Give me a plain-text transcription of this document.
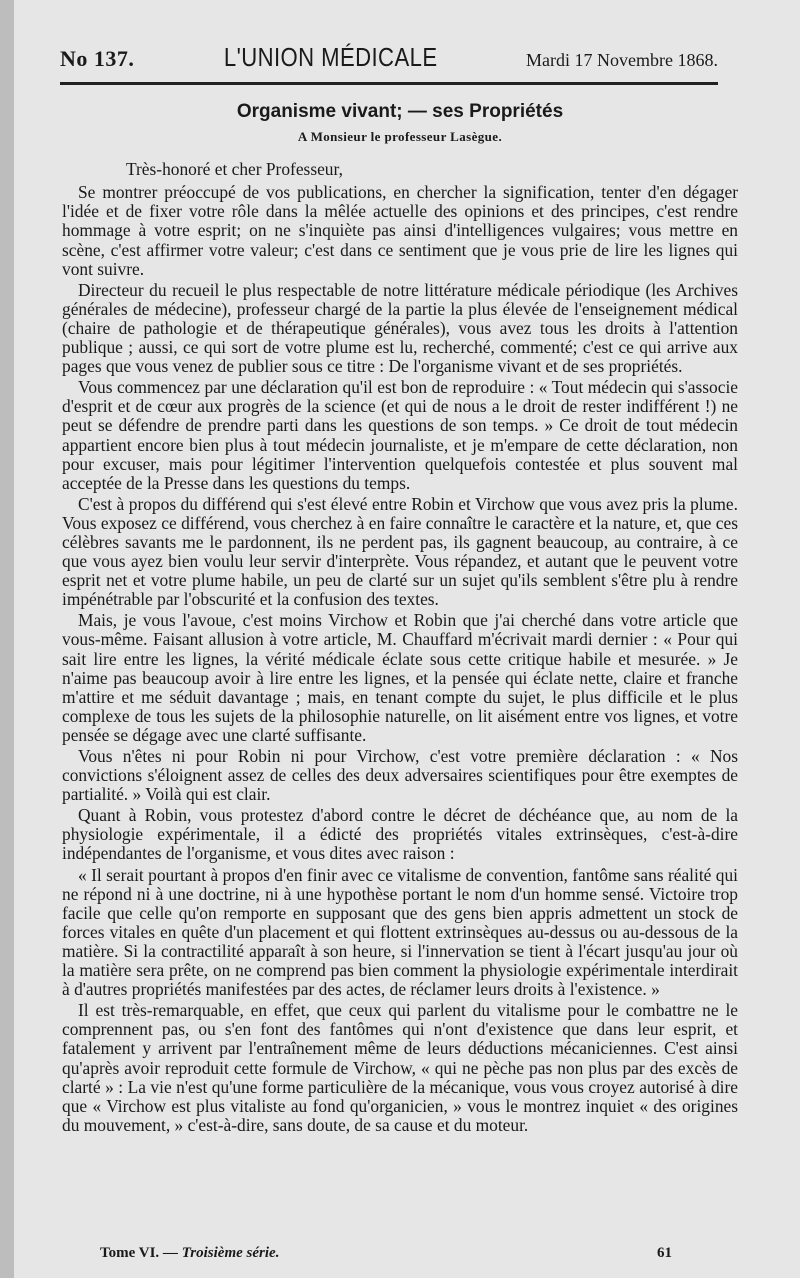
No 137.	L'UNION MÉDICALE	Mardi 17 Novembre 1868.
Organisme vivant; — ses Propriétés
A Monsieur le professeur Lasègue.
Très-honoré et cher Professeur,

Se montrer préoccupé de vos publications, en chercher la signification, tenter d'en dégager l'idée et de fixer votre rôle dans la mêlée actuelle des opinions et des principes, c'est rendre hommage à votre esprit; on ne s'inquiète pas ainsi d'intelligences vulgaires; vous mettre en scène, c'est affirmer votre valeur; c'est dans ce sentiment que je vous prie de lire les lignes qui vont suivre.

Directeur du recueil le plus respectable de notre littérature médicale périodique (les Archives générales de médecine), professeur chargé de la partie la plus élevée de l'enseignement médical (chaire de pathologie et de thérapeutique générales), vous avez tous les droits à l'attention publique ; aussi, ce qui sort de votre plume est lu, recherché, commenté; c'est ce qui arrive aux pages que vous venez de publier sous ce titre : De l'organisme vivant et de ses propriétés.

Vous commencez par une déclaration qu'il est bon de reproduire : « Tout médecin qui s'associe d'esprit et de cœur aux progrès de la science (et qui de nous a le droit de rester indifférent !) ne peut se défendre de prendre parti dans les questions de son temps. » Ce droit de tout médecin appartient encore bien plus à tout médecin journaliste, et je m'empare de cette déclaration, non pour excuser, mais pour légitimer l'intervention quelquefois contestée et plus souvent mal acceptée de la Presse dans les questions du temps.

C'est à propos du différend qui s'est élevé entre Robin et Virchow que vous avez pris la plume. Vous exposez ce différend, vous cherchez à en faire connaître le caractère et la nature, et, que ces célèbres savants me le pardonnent, ils ne perdent pas, ils gagnent beaucoup, au contraire, à ce que vous ayez bien voulu leur servir d'interprète. Vous répandez, et autant que le peuvent votre esprit net et votre plume habile, un peu de clarté sur un sujet qu'ils semblent s'être plu à rendre impénétrable par l'obscurité et la confusion des textes.

Mais, je vous l'avoue, c'est moins Virchow et Robin que j'ai cherché dans votre article que vous-même. Faisant allusion à votre article, M. Chauffard m'écrivait mardi dernier : « Pour qui sait lire entre les lignes, la vérité médicale éclate sous cette critique habile et mesurée. » Je n'aime pas beaucoup avoir à lire entre les lignes, et la pensée qui éclate nette, claire et franche m'attire et me séduit davantage ; mais, en tenant compte du sujet, le plus difficile et le plus complexe de tous les sujets de la philosophie naturelle, on lit aisément entre vos lignes, et votre pensée se dégage avec une clarté suffisante.

Vous n'êtes ni pour Robin ni pour Virchow, c'est votre première déclaration : « Nos convictions s'éloignent assez de celles des deux adversaires scientifiques pour être exemptes de partialité. » Voilà qui est clair.

Quant à Robin, vous protestez d'abord contre le décret de déchéance que, au nom de la physiologie expérimentale, il a édicté des propriétés vitales extrinsèques, c'est-à-dire indépendantes de l'organisme, et vous dites avec raison :

« Il serait pourtant à propos d'en finir avec ce vitalisme de convention, fantôme sans réalité qui ne répond ni à une doctrine, ni à une hypothèse portant le nom d'un homme sensé. Victoire trop facile que celle qu'on remporte en supposant que des gens bien appris admettent un stock de forces vitales en quête d'un placement et qui flottent extrinsèques au-dessus ou au-dessous de la matière. Si la contractilité apparaît à son heure, si l'innervation se tient à l'écart jusqu'au jour où la matière sera prête, on ne comprend pas bien comment la physiologie expérimentale interdirait à d'autres propriétés manifestées par des actes, de réclamer leurs droits à l'existence. »

Il est très-remarquable, en effet, que ceux qui parlent du vitalisme pour le combattre ne le comprennent pas, ou s'en font des fantômes qui n'ont d'existence que dans leur esprit, et fatalement y arrivent par l'entraînement même de leurs déductions mécaniciennes. C'est ainsi qu'après avoir reproduit cette formule de Virchow, « qui ne pèche pas non plus par des excès de clarté » : La vie n'est qu'une forme particulière de la mécanique, vous vous croyez autorisé à dire que « Virchow est plus vitaliste au fond qu'organicien, » vous le montrez inquiet « des origines du mouvement, » c'est-à-dire, sans doute, de sa cause et du moteur.

Tome VI. — Troisième série.	61
